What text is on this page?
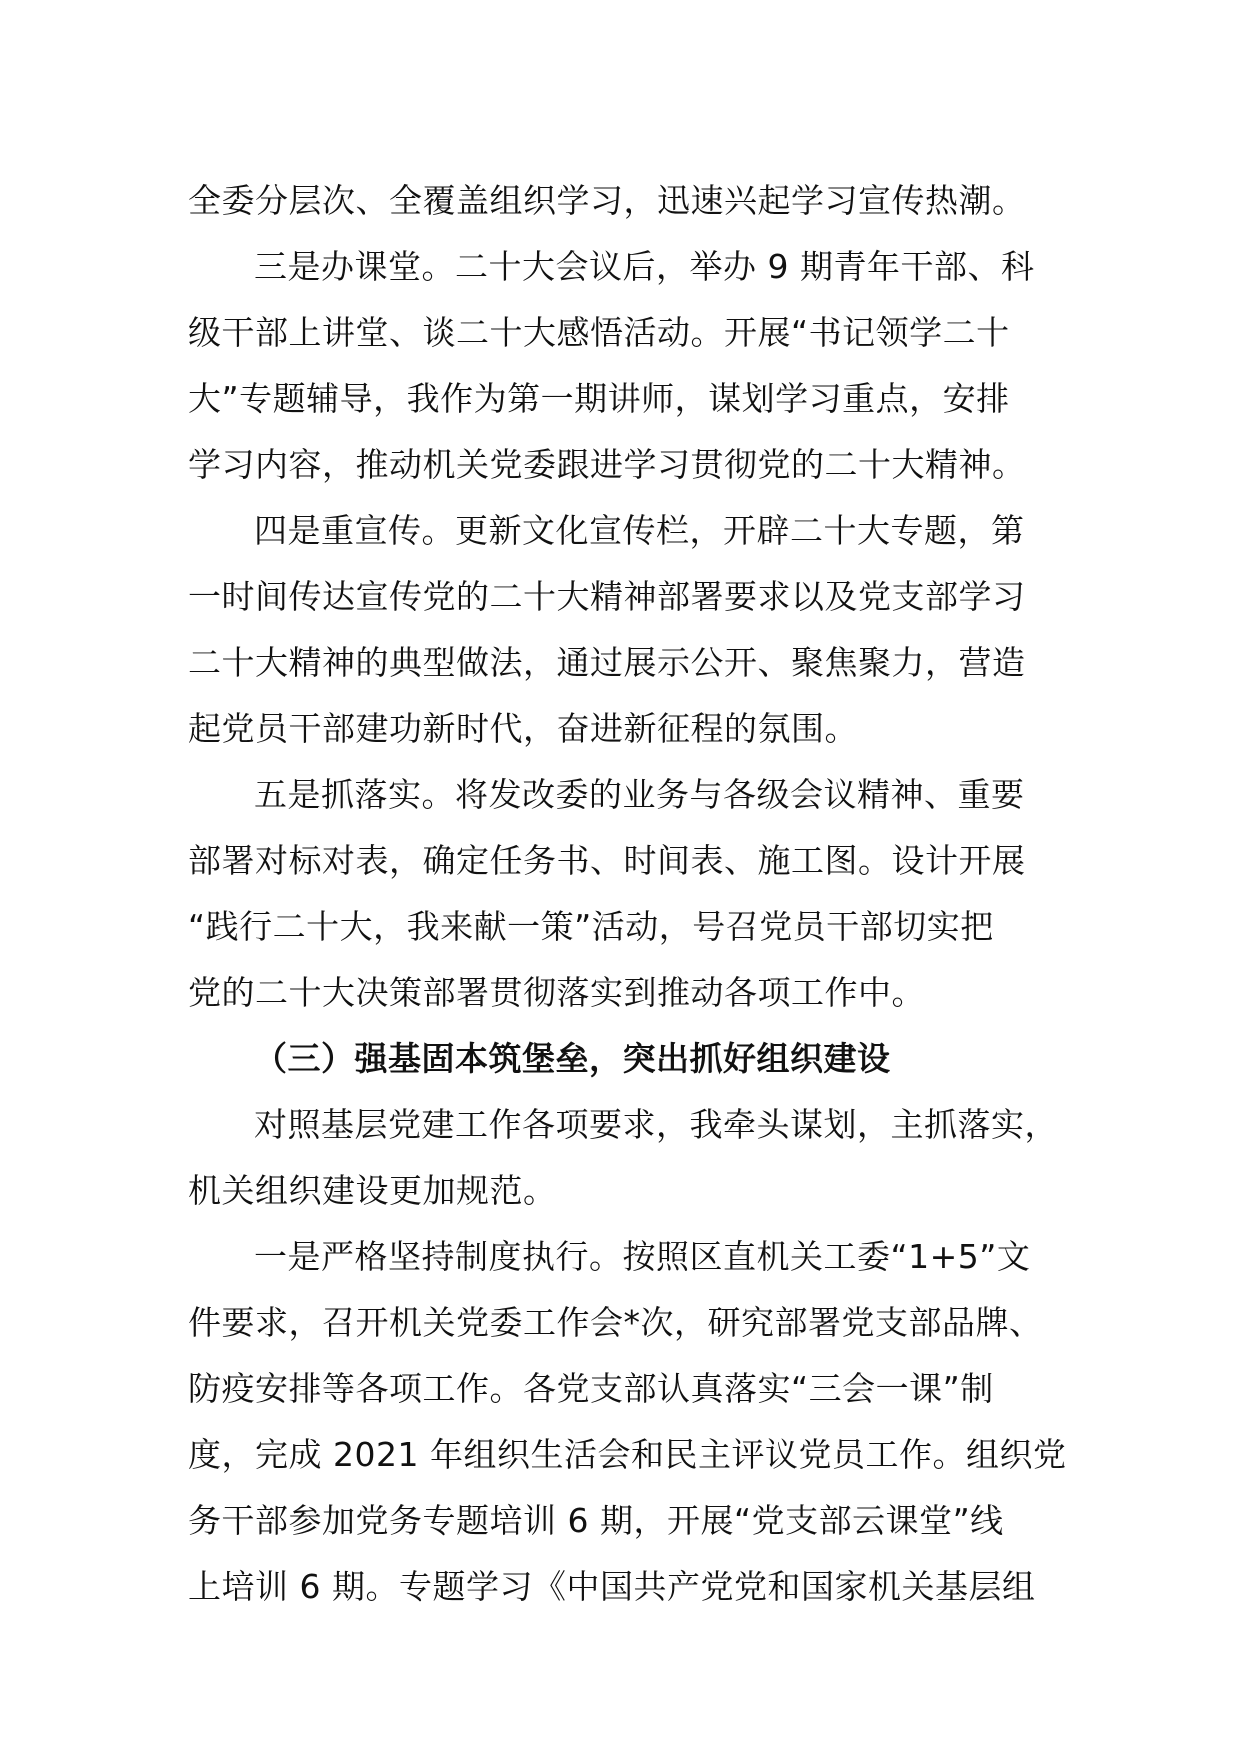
全委分层次、全覆盖组织学习，迅速兴起学习宣传热潮。
三是办课堂。二十大会议后，举办 9 期青年干部、科
级干部上讲堂、谈二十大感悟活动。开展“书记领学二十
大”专题辅导，我作为第一期讲师，谋划学习重点，安排
学习内容，推动机关党委跟进学习贯彻党的二十大精神。
四是重宣传。更新文化宣传栏，开辟二十大专题，第
一时间传达宣传党的二十大精神部署要求以及党支部学习
二十大精神的典型做法，通过展示公开、聚焦聚力，营造
起党员干部建功新时代，奋进新征程的氛围。
五是抓落实。将发改委的业务与各级会议精神、重要
部署对标对表，确定任务书、时间表、施工图。设计开展
“践行二十大，我来献一策”活动，号召党员干部切实把
党的二十大决策部署贯彻落实到推动各项工作中。
（三）强基固本筑堡垒，突出抓好组织建设
对照基层党建工作各项要求，我牵头谋划，主抓落实，
机关组织建设更加规范。
一是严格坚持制度执行。按照区直机关工委“1+5”文
件要求，召开机关党委工作会*次，研究部署党支部品牌、
防疫安排等各项工作。各党支部认真落实“三会一课”制
度，完成 2021 年组织生活会和民主评议党员工作。组织党
务干部参加党务专题培训 6 期，开展“党支部云课堂”线
上培训 6 期。专题学习《中国共产党党和国家机关基层组
